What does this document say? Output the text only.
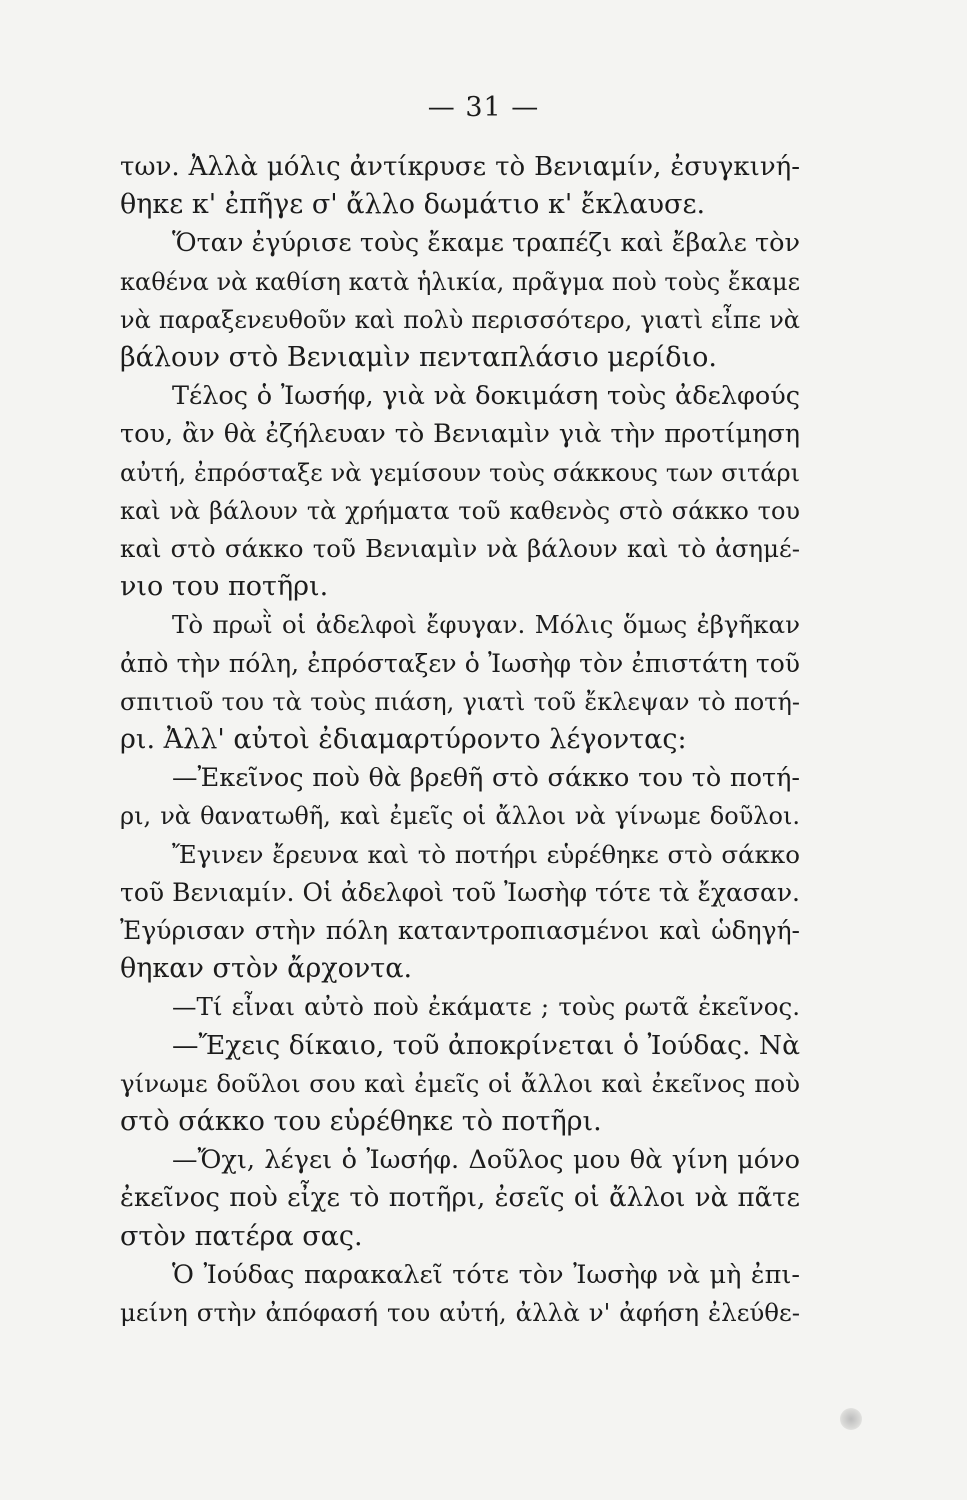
— 31 —
των. Ἀλλὰ μόλις ἀντίκρυσε τὸ Βενιαμίν, ἐσυγκινή-
θηκε κ' ἐπῆγε σ' ἄλλο δωμάτιο κ' ἔκλαυσε.
Ὅταν ἐγύρισε τοὺς ἔκαμε τραπέζι καὶ ἔβαλε τὸν
καθένα νὰ καθίση κατὰ ἡλικία, πρᾶγμα ποὺ τοὺς ἔκαμε
νὰ παραξενευθοῦν καὶ πολὺ περισσότερο, γιατὶ εἶπε νὰ
βάλουν στὸ Βενιαμὶν πενταπλάσιο μερίδιο.
Τέλος ὁ Ἰωσήφ, γιὰ νὰ δοκιμάση τοὺς ἀδελφούς
του, ἂν θὰ ἐζήλευαν τὸ Βενιαμὶν γιὰ τὴν προτίμηση
αὐτή, ἐπρόσταξε νὰ γεμίσουν τοὺς σάκκους των σιτάρι
καὶ νὰ βάλουν τὰ χρήματα τοῦ καθενὸς στὸ σάκκο του
καὶ στὸ σάκκο τοῦ Βενιαμὶν νὰ βάλουν καὶ τὸ ἀσημέ-
νιο του ποτῆρι.
Τὸ πρωῒ οἱ ἀδελφοὶ ἔφυγαν. Μόλις ὅμως ἐβγῆκαν
ἀπὸ τὴν πόλη, ἐπρόσταξεν ὁ Ἰωσὴφ τὸν ἐπιστάτη τοῦ
σπιτιοῦ του τὰ τοὺς πιάση, γιατὶ τοῦ ἔκλεψαν τὸ ποτή-
ρι. Ἀλλ' αὐτοὶ ἐδιαμαρτύροντο λέγοντας:
—Ἐκεῖνος ποὺ θὰ βρεθῆ στὸ σάκκο του τὸ ποτή-
ρι, νὰ θανατωθῆ, καὶ ἐμεῖς οἱ ἄλλοι νὰ γίνωμε δοῦλοι.
Ἔγινεν ἔρευνα καὶ τὸ ποτήρι εὑρέθηκε στὸ σάκκο
τοῦ Βενιαμίν. Οἱ ἀδελφοὶ τοῦ Ἰωσὴφ τότε τὰ ἔχασαν.
Ἐγύρισαν στὴν πόλη καταντροπιασμένοι καὶ ὡδηγή-
θηκαν στὸν ἄρχοντα.
—Τί εἶναι αὐτὸ ποὺ ἐκάματε ; τοὺς ρωτᾶ ἐκεῖνος.
—Ἔχεις δίκαιο, τοῦ ἀποκρίνεται ὁ Ἰούδας. Νὰ
γίνωμε δοῦλοι σου καὶ ἐμεῖς οἱ ἄλλοι καὶ ἐκεῖνος ποὺ
στὸ σάκκο του εὑρέθηκε τὸ ποτῆρι.
—Ὄχι, λέγει ὁ Ἰωσήφ. Δοῦλος μου θὰ γίνη μόνο
ἐκεῖνος ποὺ εἶχε τὸ ποτῆρι, ἐσεῖς οἱ ἄλλοι νὰ πᾶτε
στὸν πατέρα σας.
Ὁ Ἰούδας παρακαλεῖ τότε τὸν Ἰωσὴφ νὰ μὴ ἐπι-
μείνη στὴν ἀπόφασή του αὐτή, ἀλλὰ ν' ἀφήση ἐλεύθε-
